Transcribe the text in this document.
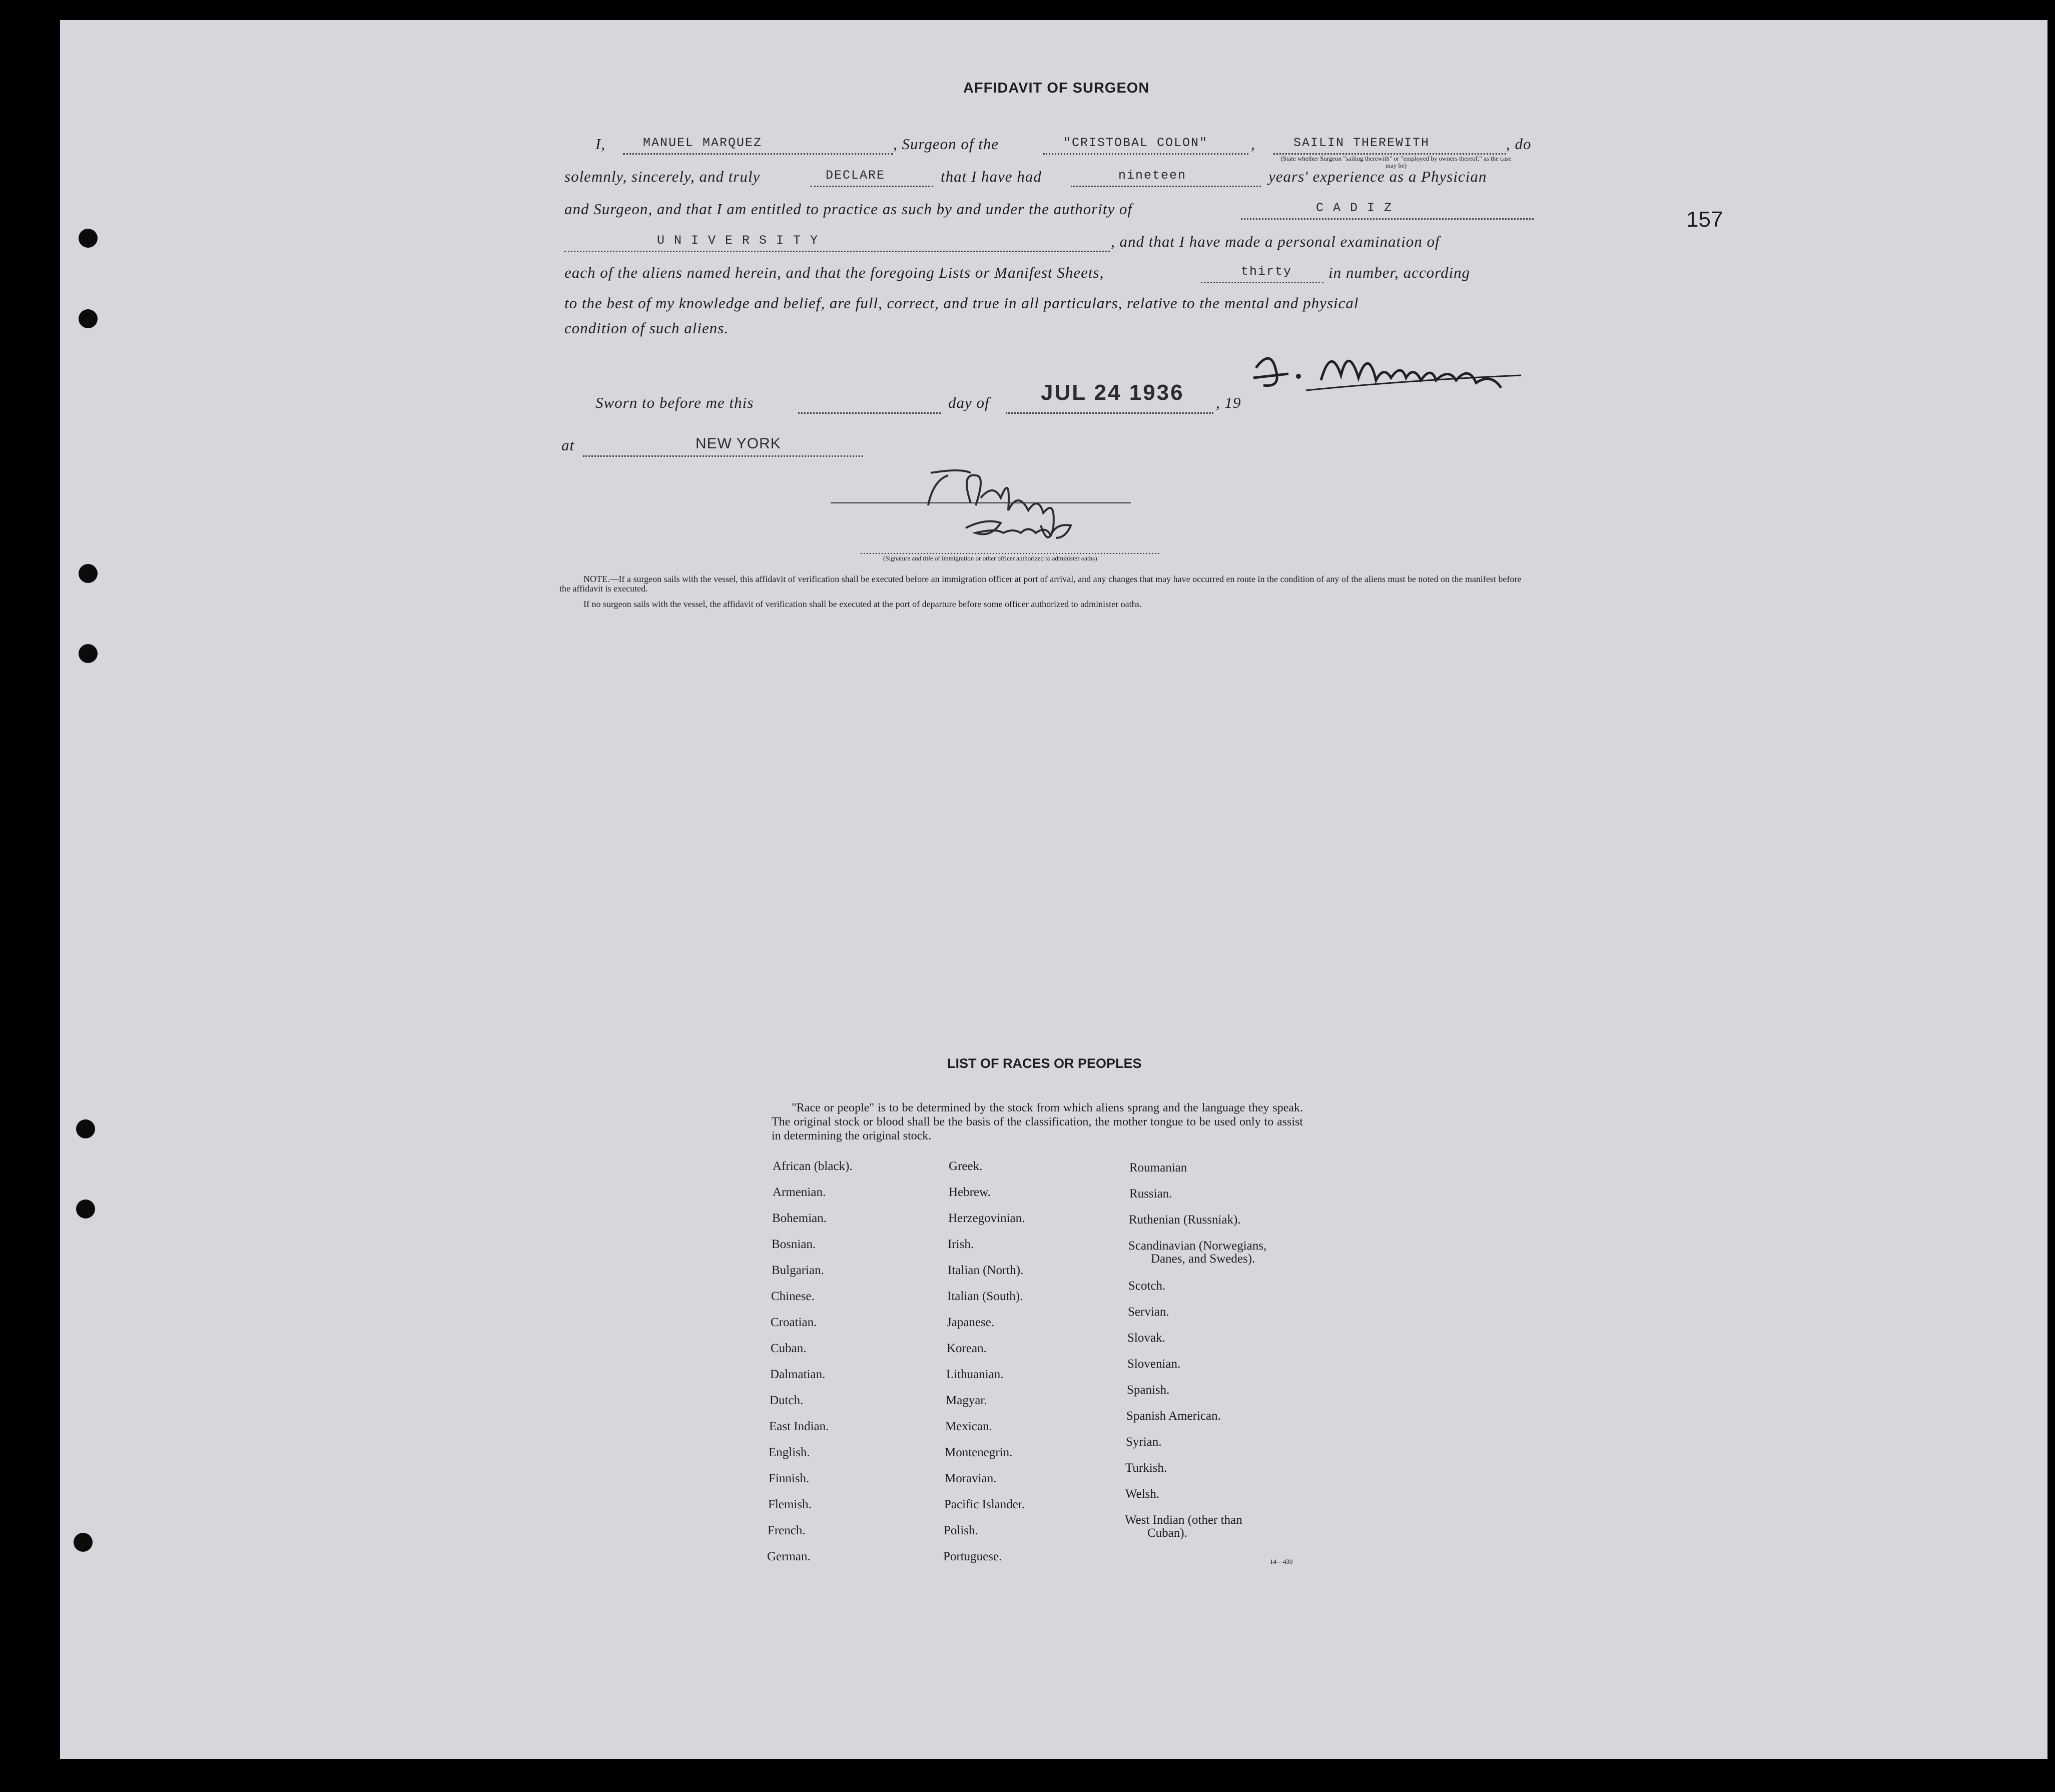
157
AFFIDAVIT OF SURGEON
I,	MANUEL MARQUEZ	, Surgeon of the	"CRISTOBAL COLON"	,	SAILIN THEREWITH	, do
(State whether Surgeon "sailing therewith" or "employed by owners thereof," as the case may be)
solemnly, sincerely, and truly	DECLARE	that I have had	nineteen	years' experience as a Physician
and Surgeon, and that I am entitled to practice as such by and under the authority of	C A D I Z
U N I V E R S I T Y	, and that I have made a personal examination of
each of the aliens named herein, and that the foregoing Lists or Manifest Sheets,	thirty in number, according
to the best of my knowledge and belief, are full, correct, and true in all particulars, relative to the mental and physical
condition of such aliens.
Sworn to before me this	day of JUL 24 1936 , 19
at	NEW YORK
(Signature and title of immigration or other officer authorized to administer oaths)
NOTE.—If a surgeon sails with the vessel, this affidavit of verification shall be executed before an immigration officer at port of arrival, and any changes that may have occurred en route in the condition of any of the aliens must be noted on the manifest before the affidavit is executed.
If no surgeon sails with the vessel, the affidavit of verification shall be executed at the port of departure before some officer authorized to administer oaths.
LIST OF RACES OR PEOPLES
"Race or people" is to be determined by the stock from which aliens sprang and the language they speak. The original stock or blood shall be the basis of the classification, the mother tongue to be used only to assist in determining the original stock.
African (black).
Armenian.
Bohemian.
Bosnian.
Bulgarian.
Chinese.
Croatian.
Cuban.
Dalmatian.
Dutch.
East Indian.
English.
Finnish.
Flemish.
French.
German.
Greek.
Hebrew.
Herzegovinian.
Irish.
Italian (North).
Italian (South).
Japanese.
Korean.
Lithuanian.
Magyar.
Mexican.
Montenegrin.
Moravian.
Pacific Islander.
Polish.
Portuguese.
Roumanian
Russian.
Ruthenian (Russniak).
Scandinavian (Norwegians,
Danes, and Swedes).
Scotch.
Servian.
Slovak.
Slovenian.
Spanish.
Spanish American.
Syrian.
Turkish.
Welsh.
West Indian (other than
Cuban).
14—430
